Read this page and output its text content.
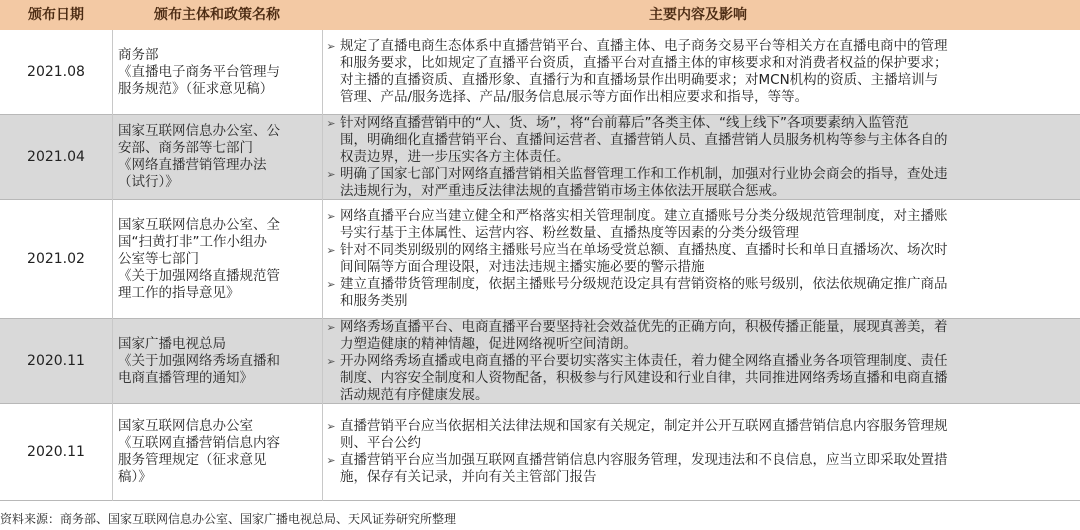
颁布日期	颁布主体和政策名称	主要内容及影响
2021.08
商务部
《直播电子商务平台管理与
服务规范》（征求意见稿）
➢ 规定了直播电商生态体系中直播营销平台、直播主体、电子商务交易平台等相关方在直播电商中的管理
和服务要求，比如规定了直播平台资质，直播平台对直播主体的审核要求和对消费者权益的保护要求；
对主播的直播资质、直播形象、直播行为和直播场景作出明确要求；对MCN机构的资质、主播培训与
管理、产品/服务选择、产品/服务信息展示等方面作出相应要求和指导，等等。
2021.04
国家互联网信息办公室、公
安部、商务部等七部门
《网络直播营销管理办法
（试行）》
➢ 针对网络直播营销中的“人、货、场”，将“台前幕后”各类主体、“线上线下”各项要素纳入监管范
围，明确细化直播营销平台、直播间运营者、直播营销人员、直播营销人员服务机构等参与主体各自的
权责边界，进一步压实各方主体责任。
➢ 明确了国家七部门对网络直播营销相关监督管理工作和工作机制，加强对行业协会商会的指导，查处违
法违规行为，对严重违反法律法规的直播营销市场主体依法开展联合惩戒。
2021.02
国家互联网信息办公室、全
国“扫黄打非”工作小组办
公室等七部门
《关于加强网络直播规范管
理工作的指导意见》
➢ 网络直播平台应当建立健全和严格落实相关管理制度。建立直播账号分类分级规范管理制度，对主播账
号实行基于主体属性、运营内容、粉丝数量、直播热度等因素的分类分级管理
➢ 针对不同类别级别的网络主播账号应当在单场受赏总额、直播热度、直播时长和单日直播场次、场次时
间间隔等方面合理设限，对违法违规主播实施必要的警示措施
➢ 建立直播带货管理制度，依据主播账号分级规范设定具有营销资格的账号级别，依法依规确定推广商品
和服务类别
2020.11
国家广播电视总局
《关于加强网络秀场直播和
电商直播管理的通知》
➢ 网络秀场直播平台、电商直播平台要坚持社会效益优先的正确方向，积极传播正能量，展现真善美，着
力塑造健康的精神情趣，促进网络视听空间清朗。
➢ 开办网络秀场直播或电商直播的平台要切实落实主体责任，着力健全网络直播业务各项管理制度、责任
制度、内容安全制度和人资物配备，积极参与行风建设和行业自律，共同推进网络秀场直播和电商直播
活动规范有序健康发展。
2020.11
国家互联网信息办公室
《互联网直播营销信息内容
服务管理规定（征求意见
稿）》
➢ 直播营销平台应当依据相关法律法规和国家有关规定，制定并公开互联网直播营销信息内容服务管理规
则、平台公约
➢ 直播营销平台应当加强互联网直播营销信息内容服务管理，发现违法和不良信息，应当立即采取处置措
施，保存有关记录，并向有关主管部门报告
资料来源：商务部、国家互联网信息办公室、国家广播电视总局、天风证券研究所整理
